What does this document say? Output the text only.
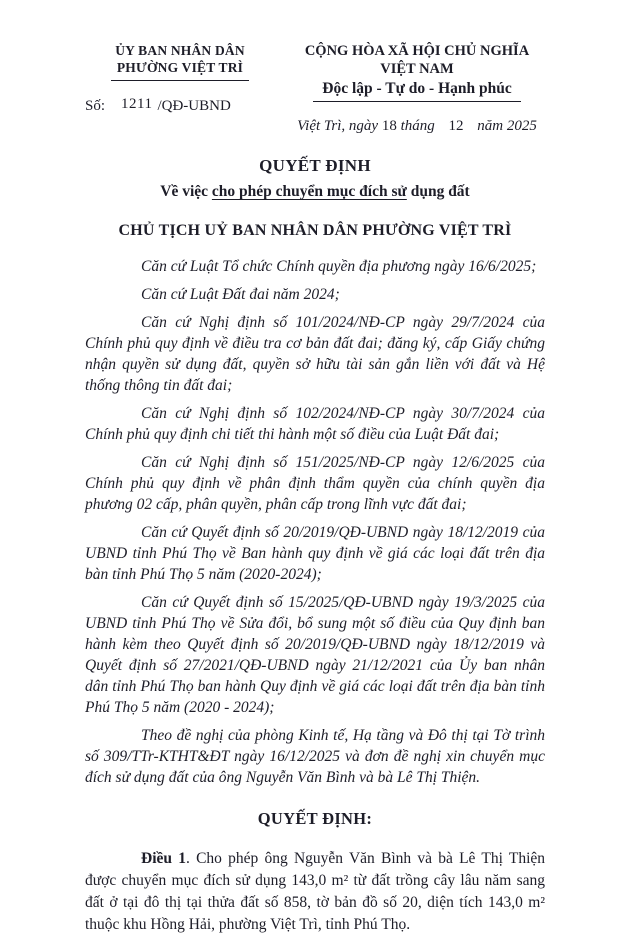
ỦY BAN NHÂN DÂN
PHƯỜNG VIỆT TRÌ
Số: 1211 /QĐ-UBND
CỘNG HÒA XÃ HỘI CHỦ NGHĨA VIỆT NAM
Độc lập - Tự do - Hạnh phúc
Việt Trì, ngày 18 tháng 12 năm 2025
QUYẾT ĐỊNH
Về việc cho phép chuyển mục đích sử dụng đất
CHỦ TỊCH UỶ BAN NHÂN DÂN PHƯỜNG VIỆT TRÌ

Căn cứ Luật Tổ chức Chính quyền địa phương ngày 16/6/2025;

Căn cứ Luật Đất đai năm 2024;

Căn cứ Nghị định số 101/2024/NĐ-CP ngày 29/7/2024 của Chính phủ quy định về điều tra cơ bản đất đai; đăng ký, cấp Giấy chứng nhận quyền sử dụng đất, quyền sở hữu tài sản gắn liền với đất và Hệ thống thông tin đất đai;

Căn cứ Nghị định số 102/2024/NĐ-CP ngày 30/7/2024 của Chính phủ quy định chi tiết thi hành một số điều của Luật Đất đai;

Căn cứ Nghị định số 151/2025/NĐ-CP ngày 12/6/2025 của Chính phủ quy định về phân định thẩm quyền của chính quyền địa phương 02 cấp, phân quyền, phân cấp trong lĩnh vực đất đai;

Căn cứ Quyết định số 20/2019/QĐ-UBND ngày 18/12/2019 của UBND tỉnh Phú Thọ về Ban hành quy định về giá các loại đất trên địa bàn tỉnh Phú Thọ 5 năm (2020-2024);

Căn cứ Quyết định số 15/2025/QĐ-UBND ngày 19/3/2025 của UBND tỉnh Phú Thọ về Sửa đổi, bổ sung một số điều của Quy định ban hành kèm theo Quyết định số 20/2019/QĐ-UBND ngày 18/12/2019 và Quyết định số 27/2021/QĐ-UBND ngày 21/12/2021 của Ủy ban nhân dân tỉnh Phú Thọ ban hành Quy định về giá các loại đất trên địa bàn tỉnh Phú Thọ 5 năm (2020 - 2024);

Theo đề nghị của phòng Kinh tế, Hạ tầng và Đô thị tại Tờ trình số 309/TTr-KTHT&ĐT ngày 16/12/2025 và đơn đề nghị xin chuyển mục đích sử dụng đất của ông Nguyễn Văn Bình và bà Lê Thị Thiện.

QUYẾT ĐỊNH:

Điều 1. Cho phép ông Nguyễn Văn Bình và bà Lê Thị Thiện được chuyển mục đích sử dụng 143,0 m² từ đất trồng cây lâu năm sang đất ở tại đô thị tại thửa đất số 858, tờ bản đồ số 20, diện tích 143,0 m² thuộc khu Hồng Hải, phường Việt Trì, tỉnh Phú Thọ.
